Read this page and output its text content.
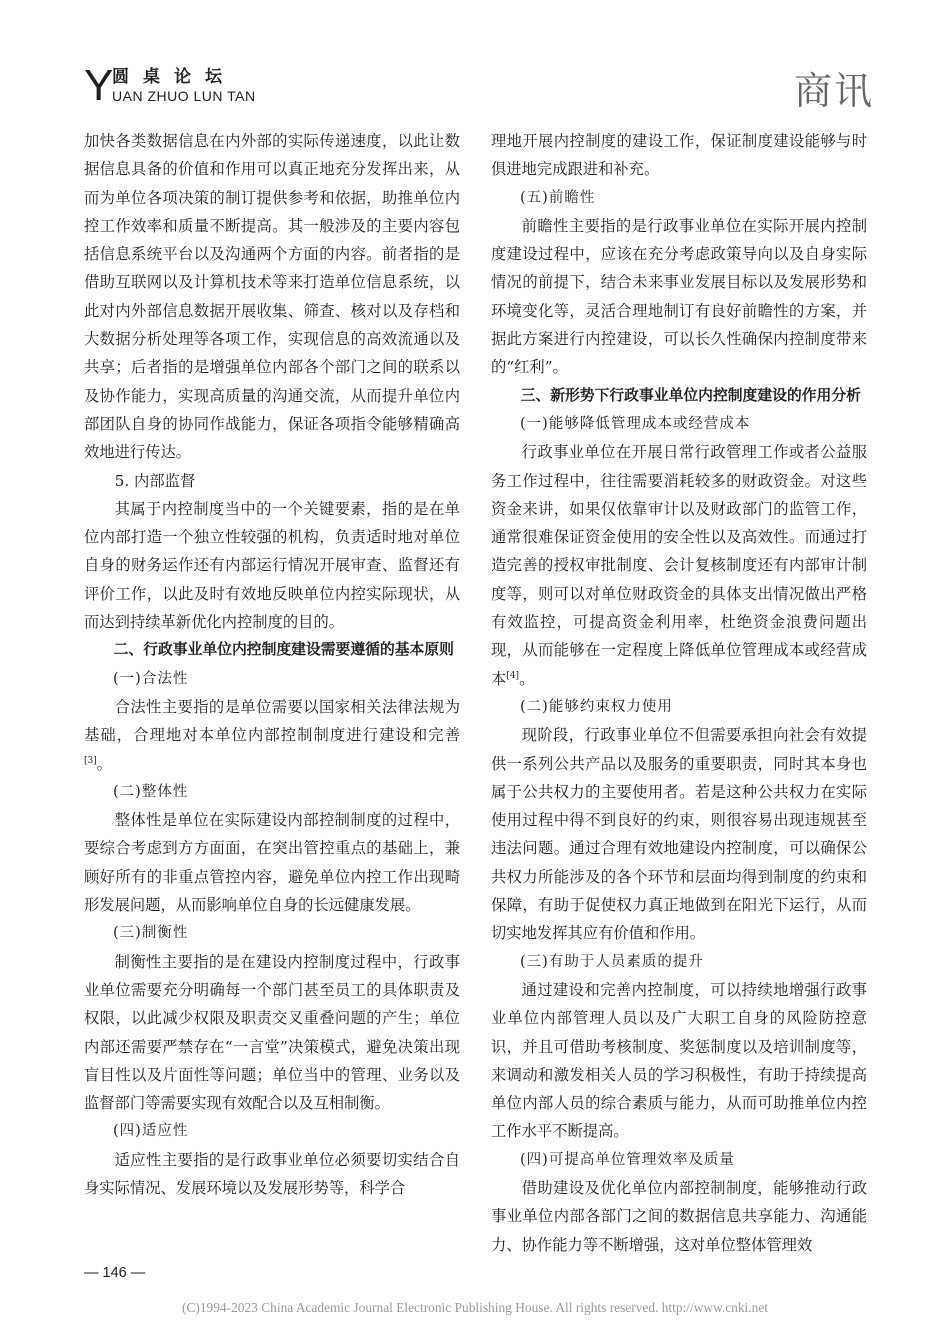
Y
圆桌论坛
UAN ZHUO LUN TAN	商讯

加快各类数据信息在内外部的实际传递速度，以此让数据信息具备的价值和作用可以真正地充分发挥出来，从而为单位各项决策的制订提供参考和依据，助推单位内控工作效率和质量不断提高。其一般涉及的主要内容包括信息系统平台以及沟通两个方面的内容。前者指的是借助互联网以及计算机技术等来打造单位信息系统，以此对内外部信息数据开展收集、筛查、核对以及存档和大数据分析处理等各项工作，实现信息的高效流通以及共享；后者指的是增强单位内部各个部门之间的联系以及协作能力，实现高质量的沟通交流，从而提升单位内部团队自身的协同作战能力，保证各项指令能够精确高效地进行传达。

5. 内部监督

其属于内控制度当中的一个关键要素，指的是在单位内部打造一个独立性较强的机构，负责适时地对单位自身的财务运作还有内部运行情况开展审查、监督还有评价工作，以此及时有效地反映单位内控实际现状，从而达到持续革新优化内控制度的目的。

二、行政事业单位内控制度建设需要遵循的基本原则

(一)合法性

合法性主要指的是单位需要以国家相关法律法规为基础，合理地对本单位内部控制制度进行建设和完善[3]。

(二)整体性

整体性是单位在实际建设内部控制制度的过程中，要综合考虑到方方面面，在突出管控重点的基础上，兼顾好所有的非重点管控内容，避免单位内控工作出现畸形发展问题，从而影响单位自身的长远健康发展。

(三)制衡性

制衡性主要指的是在建设内控制度过程中，行政事业单位需要充分明确每一个部门甚至员工的具体职责及权限，以此减少权限及职责交叉重叠问题的产生；单位内部还需要严禁存在“一言堂”决策模式，避免决策出现盲目性以及片面性等问题；单位当中的管理、业务以及监督部门等需要实现有效配合以及互相制衡。

(四)适应性

适应性主要指的是行政事业单位必须要切实结合自身实际情况、发展环境以及发展形势等，科学合

理地开展内控制度的建设工作，保证制度建设能够与时俱进地完成跟进和补充。

(五)前瞻性

前瞻性主要指的是行政事业单位在实际开展内控制度建设过程中，应该在充分考虑政策导向以及自身实际情况的前提下，结合未来事业发展目标以及发展形势和环境变化等，灵活合理地制订有良好前瞻性的方案，并据此方案进行内控建设，可以长久性确保内控制度带来的“红利”。

三、新形势下行政事业单位内控制度建设的作用分析

(一)能够降低管理成本或经营成本

行政事业单位在开展日常行政管理工作或者公益服务工作过程中，往往需要消耗较多的财政资金。对这些资金来讲，如果仅依靠审计以及财政部门的监管工作，通常很难保证资金使用的安全性以及高效性。而通过打造完善的授权审批制度、会计复核制度还有内部审计制度等，则可以对单位财政资金的具体支出情况做出严格有效监控，可提高资金利用率，杜绝资金浪费问题出现，从而能够在一定程度上降低单位管理成本或经营成本[4]。

(二)能够约束权力使用

现阶段，行政事业单位不但需要承担向社会有效提供一系列公共产品以及服务的重要职责，同时其本身也属于公共权力的主要使用者。若是这种公共权力在实际使用过程中得不到良好的约束，则很容易出现违规甚至违法问题。通过合理有效地建设内控制度，可以确保公共权力所能涉及的各个环节和层面均得到制度的约束和保障，有助于促使权力真正地做到在阳光下运行，从而切实地发挥其应有价值和作用。

(三)有助于人员素质的提升

通过建设和完善内控制度，可以持续地增强行政事业单位内部管理人员以及广大职工自身的风险防控意识，并且可借助考核制度、奖惩制度以及培训制度等，来调动和激发相关人员的学习积极性，有助于持续提高单位内部人员的综合素质与能力，从而可助推单位内控工作水平不断提高。

(四)可提高单位管理效率及质量

借助建设及优化单位内部控制制度，能够推动行政事业单位内部各部门之间的数据信息共享能力、沟通能力、协作能力等不断增强，这对单位整体管理效

— 146 —
(C)1994-2023 China Academic Journal Electronic Publishing House. All rights reserved. http://www.cnki.net
